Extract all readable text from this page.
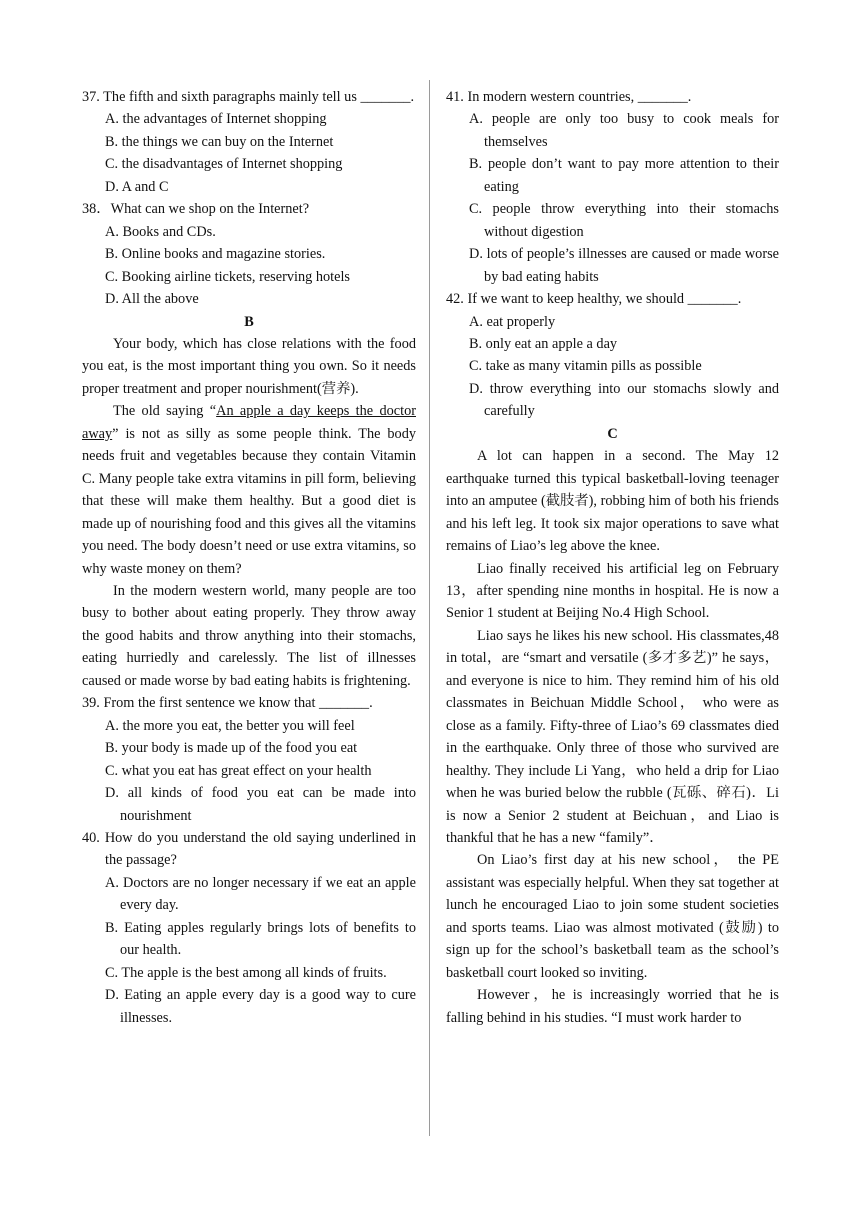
37. The fifth and sixth paragraphs mainly tell us _______.

A. the advantages of Internet shopping

B. the things we can buy on the Internet

C. the disadvantages of Internet shopping

D. A and C

38．What can we shop on the Internet?

A. Books and CDs.

B. Online books and magazine stories.

C. Booking airline tickets, reserving hotels

D. All the above

B

Your body, which has close relations with the food you eat, is the most important thing you own. So it needs proper treatment and proper nourishment(营养).

The old saying “An apple a day keeps the doctor away” is not as silly as some people think. The body needs fruit and vegetables because they contain Vitamin C. Many people take extra vitamins in pill form, believing that these will make them healthy. But a good diet is made up of nourishing food and this gives all the vitamins you need. The body doesn’t need or use extra vitamins, so why waste money on them?

In the modern western world, many people are too busy to bother about eating properly. They throw away the good habits and throw anything into their stomachs, eating hurriedly and carelessly. The list of illnesses caused or made worse by bad eating habits is frightening.

39. From the first sentence we know that _______.

A. the more you eat, the better you will feel

B. your body is made up of the food you eat

C. what you eat has great effect on your health

D. all kinds of food you eat can be made into nourishment

40. How do you understand the old saying underlined in the passage?

A. Doctors are no longer necessary if we eat an apple every day.

B. Eating apples regularly brings lots of benefits to our health.

C. The apple is the best among all kinds of fruits.

D. Eating an apple every day is a good way to cure illnesses.

41. In modern western countries, _______.

A. people are only too busy to cook meals for themselves

B. people don’t want to pay more attention to their eating

C. people throw everything into their stomachs without digestion

D. lots of people’s illnesses are caused or made worse by bad eating habits

42. If we want to keep healthy, we should _______.

A. eat properly

B. only eat an apple a day

C. take as many vitamin pills as possible

D. throw everything into our stomachs slowly and carefully

C

A lot can happen in a second. The May 12 earthquake turned this typical basketball-loving teenager into an amputee (截肢者), robbing him of both his friends and his left leg. It took six major operations to save what remains of Liao’s leg above the knee.

Liao finally received his artificial leg on February 13，after spending nine months in hospital. He is now a Senior 1 student at Beijing No.4 High School.

Liao says he likes his new school. His classmates,48 in total，are “smart and versatile (多才多艺)” he says，and everyone is nice to him. They remind him of his old classmates in Beichuan Middle School， who were as close as a family. Fifty-three of Liao’s 69 classmates died in the earthquake. Only three of those who survived are healthy. They include Li Yang，who held a drip for Liao when he was buried below the rubble (瓦砾、碎石)．Li is now a Senior 2 student at Beichuan，and Liao is thankful that he has a new “family”．

On Liao’s first day at his new school， the PE assistant was especially helpful. When they sat together at lunch he encouraged Liao to join some student societies and sports teams. Liao was almost motivated (鼓励) to sign up for the school’s basketball team as the school’s basketball court looked so inviting.

However，he is increasingly worried that he is falling behind in his studies. “I must work harder to
